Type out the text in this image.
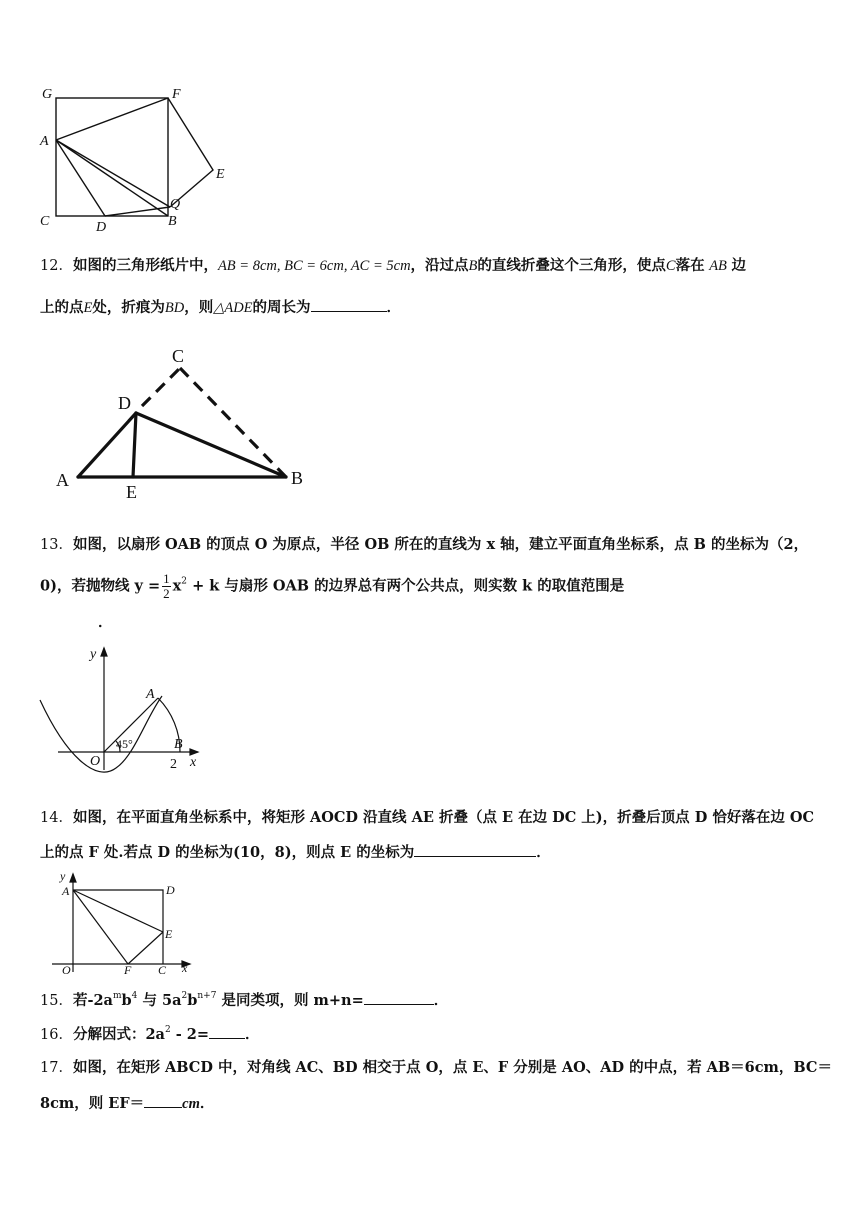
G	F
A
E
Q
C	D	B
12．如图的三角形纸片中，AB = 8cm, BC = 6cm, AC = 5cm，沿过点B的直线折叠这个三角形，使点C落在 AB 边
上的点E处，折痕为BD，则△ADE的周长为	．
C
D
A
E
B
13．如图，以扇形 OAB 的顶点 O 为原点，半径 OB 所在的直线为 x 轴，建立平面直角坐标系，点 B 的坐标为（2，
0)，若抛物线 $y = \frac{1}{2} x^2 + k$ 与扇形 OAB 的边界总有两个公共点，则实数 k 的取值范围是
．
y
A
45°
O
B
2 x
14．如图，在平面直角坐标系中，将矩形 AOCD 沿直线 AE 折叠（点 E 在边 DC 上)，折叠后顶点 D 恰好落在边 OC
上的点 F 处.若点 D 的坐标为(10，8)，则点 E 的坐标为	．
y
A	D
E
O	F C x
15．若$-2a^mb^4$ 与 $5a^2b^{n+7}$ 是同类项，则 m+n=	．
16．分解因式：$2a^2 - 2=$ ．
17．如图，在矩形 ABCD 中，对角线 AC、BD 相交于点 O，点 E、F 分别是 AO、AD 的中点，若 AB＝6cm，BC＝
8cm，则 EF＝	cm．
